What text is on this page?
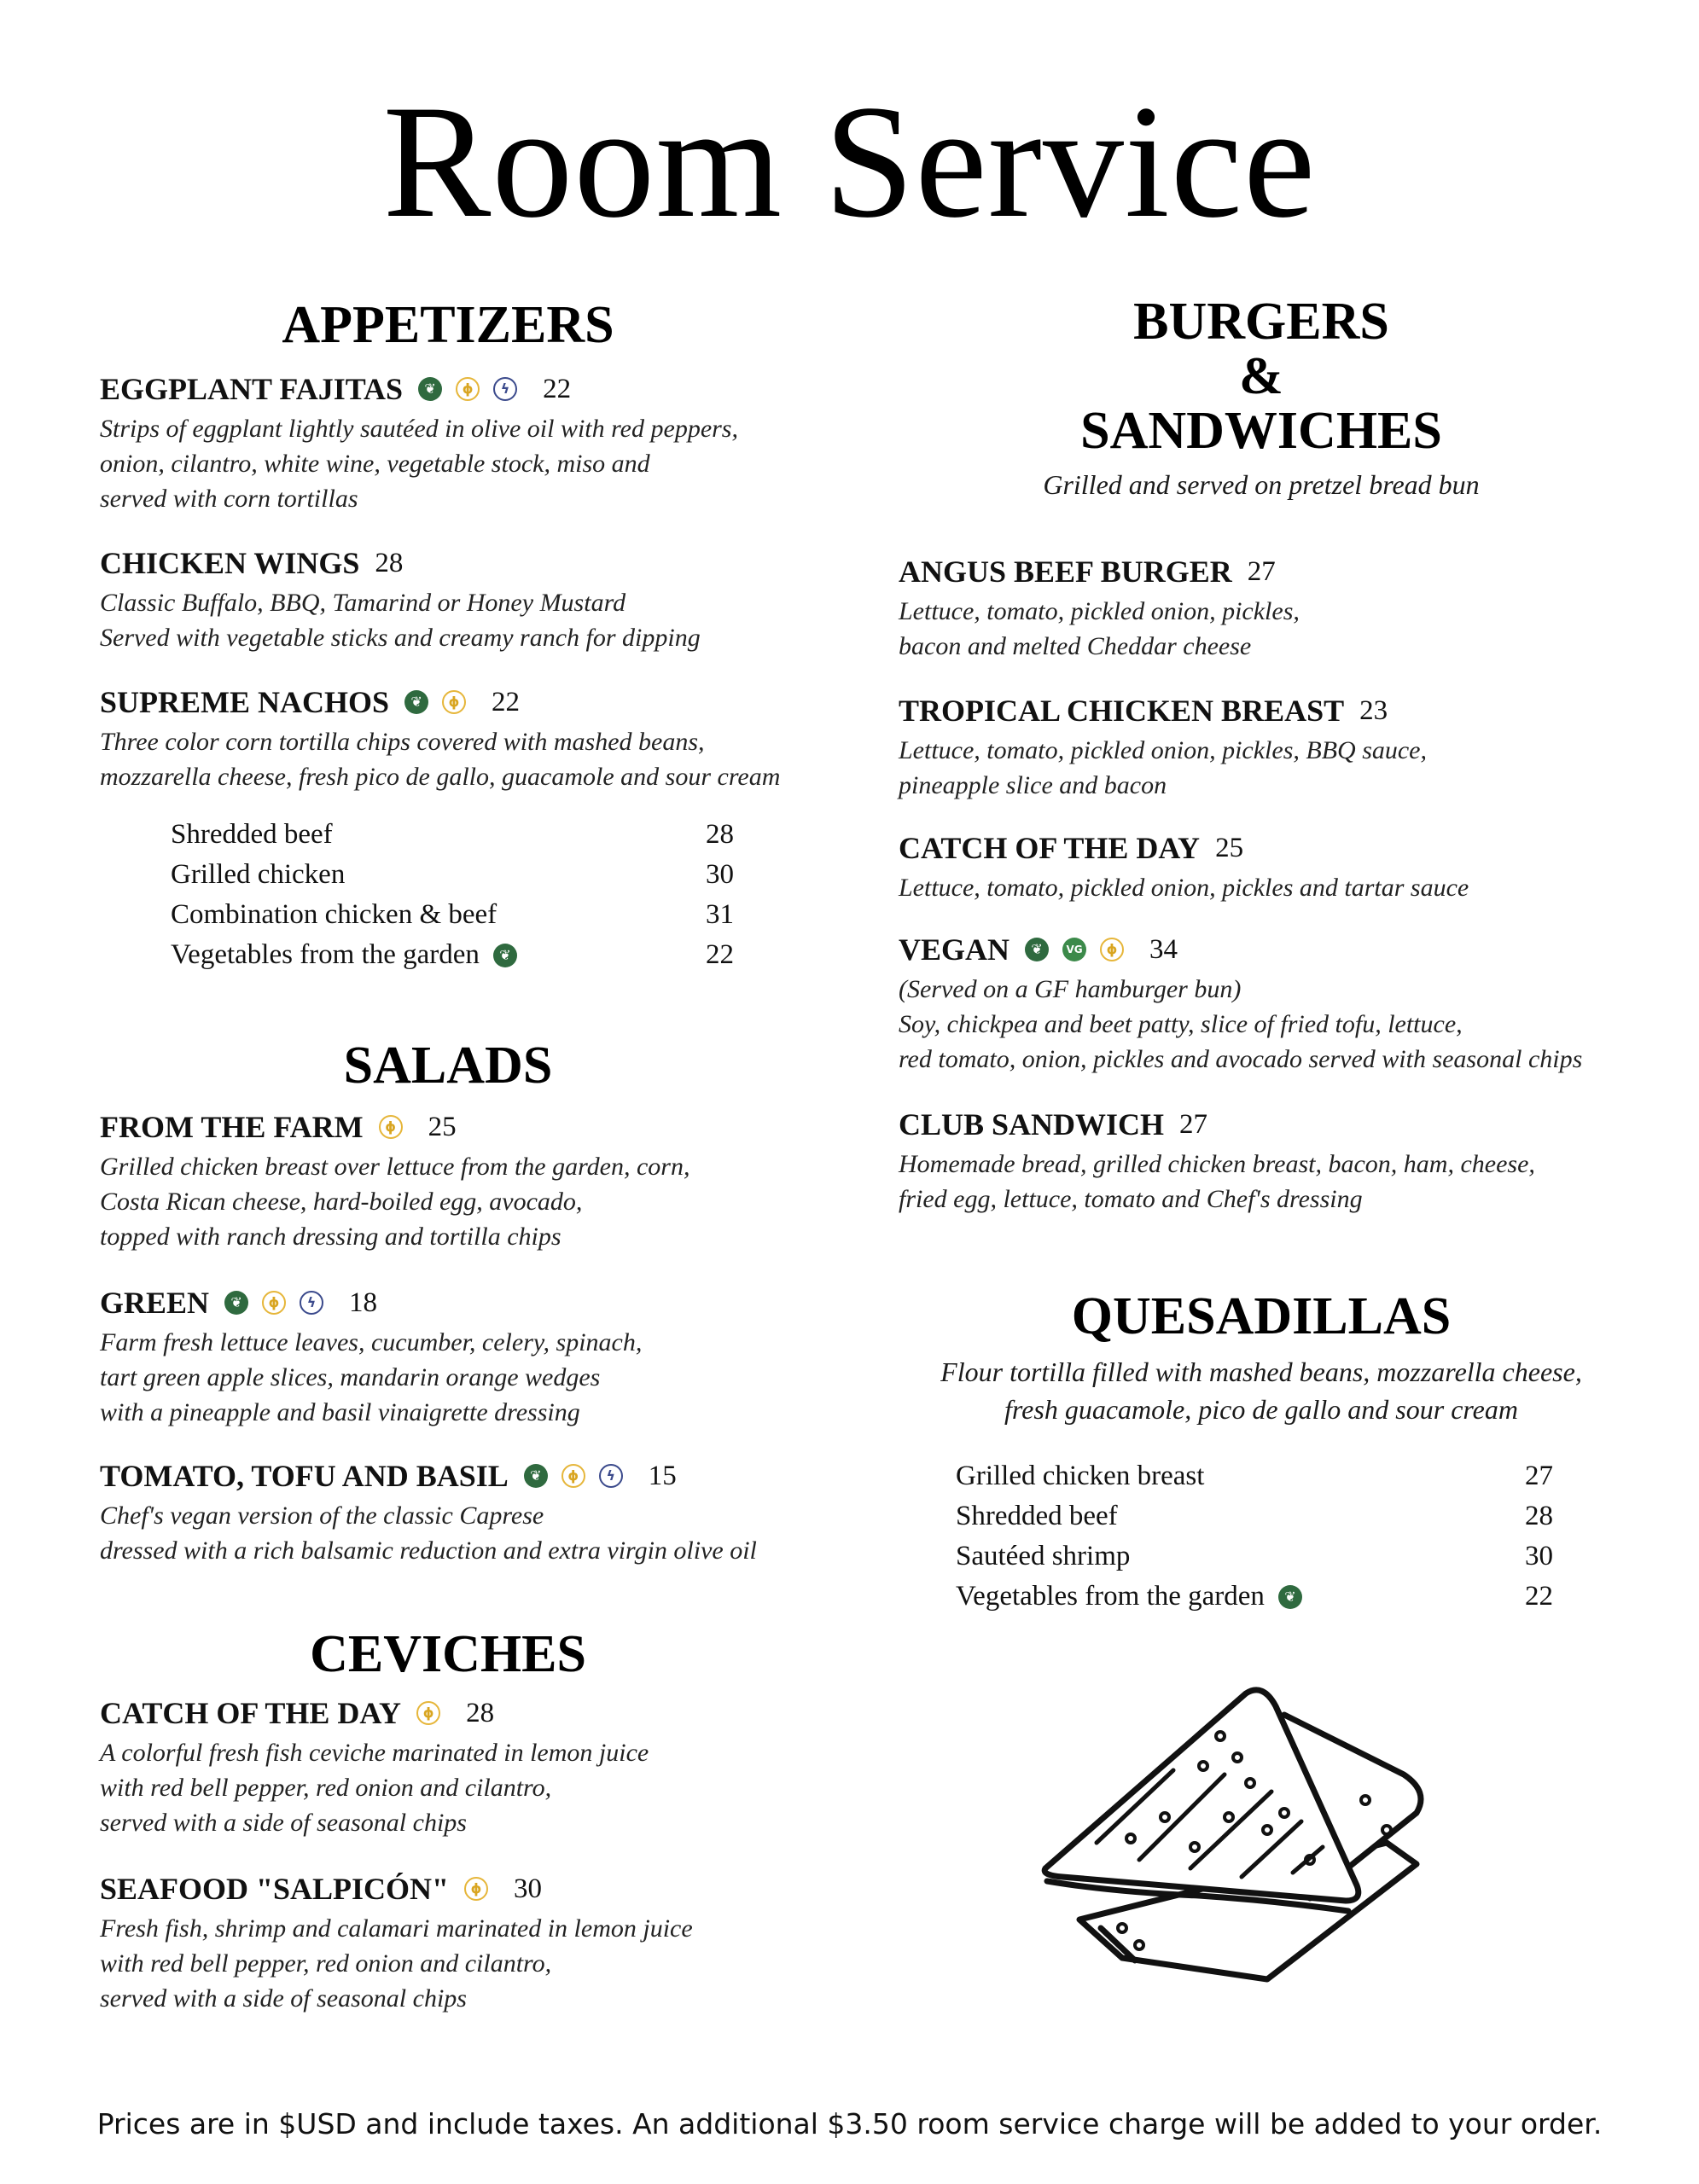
Room Service
APPETIZERS
EGGPLANT FAJITAS	❦	ɸ	ϟ 22
Strips of eggplant lightly sautéed in olive oil with red peppers,
onion, cilantro, white wine, vegetable stock, miso and
served with corn tortillas
CHICKEN WINGS 28
Classic Buffalo, BBQ, Tamarind or Honey Mustard
Served with vegetable sticks and creamy ranch for dipping
SUPREME NACHOS	❦	ɸ 22
Three color corn tortilla chips covered with mashed beans,
mozzarella cheese, fresh pico de gallo, guacamole and sour cream
Shredded beef	28
Grilled chicken	30
Combination chicken & beef	31
Vegetables from the garden	❦	22
SALADS
FROM THE FARM	ɸ 25
Grilled chicken breast over lettuce from the garden, corn,
Costa Rican cheese, hard-boiled egg, avocado,
topped with ranch dressing and tortilla chips
GREEN	❦	ɸ	ϟ 18
Farm fresh lettuce leaves, cucumber, celery, spinach,
tart green apple slices, mandarin orange wedges
with a pineapple and basil vinaigrette dressing
TOMATO, TOFU AND BASIL	❦	ɸ	ϟ 15
Chef's vegan version of the classic Caprese
dressed with a rich balsamic reduction and extra virgin olive oil
CEVICHES
CATCH OF THE DAY	ɸ 28
A colorful fresh fish ceviche marinated in lemon juice
with red bell pepper, red onion and cilantro,
served with a side of seasonal chips
SEAFOOD "SALPICÓN"	ɸ 30
Fresh fish, shrimp and calamari marinated in lemon juice
with red bell pepper, red onion and cilantro,
served with a side of seasonal chips
BURGERS
&
SANDWICHES
Grilled and served on pretzel bread bun
ANGUS BEEF BURGER 27
Lettuce, tomato, pickled onion, pickles,
bacon and melted Cheddar cheese
TROPICAL CHICKEN BREAST 23
Lettuce, tomato, pickled onion, pickles, BBQ sauce,
pineapple slice and bacon
CATCH OF THE DAY 25
Lettuce, tomato, pickled onion, pickles and tartar sauce
VEGAN	❦	VG	ɸ 34
(Served on a GF hamburger bun)
Soy, chickpea and beet patty, slice of fried tofu, lettuce,
red tomato, onion, pickles and avocado served with seasonal chips
CLUB SANDWICH 27
Homemade bread, grilled chicken breast, bacon, ham, cheese,
fried egg, lettuce, tomato and Chef's dressing
QUESADILLAS
Flour tortilla filled with mashed beans, mozzarella cheese,
fresh guacamole, pico de gallo and sour cream
Grilled chicken breast	27
Shredded beef	28
Sautéed shrimp	30
Vegetables from the garden	❦	22
Prices are in $USD and include taxes. An additional $3.50 room service charge will be added to your order.
